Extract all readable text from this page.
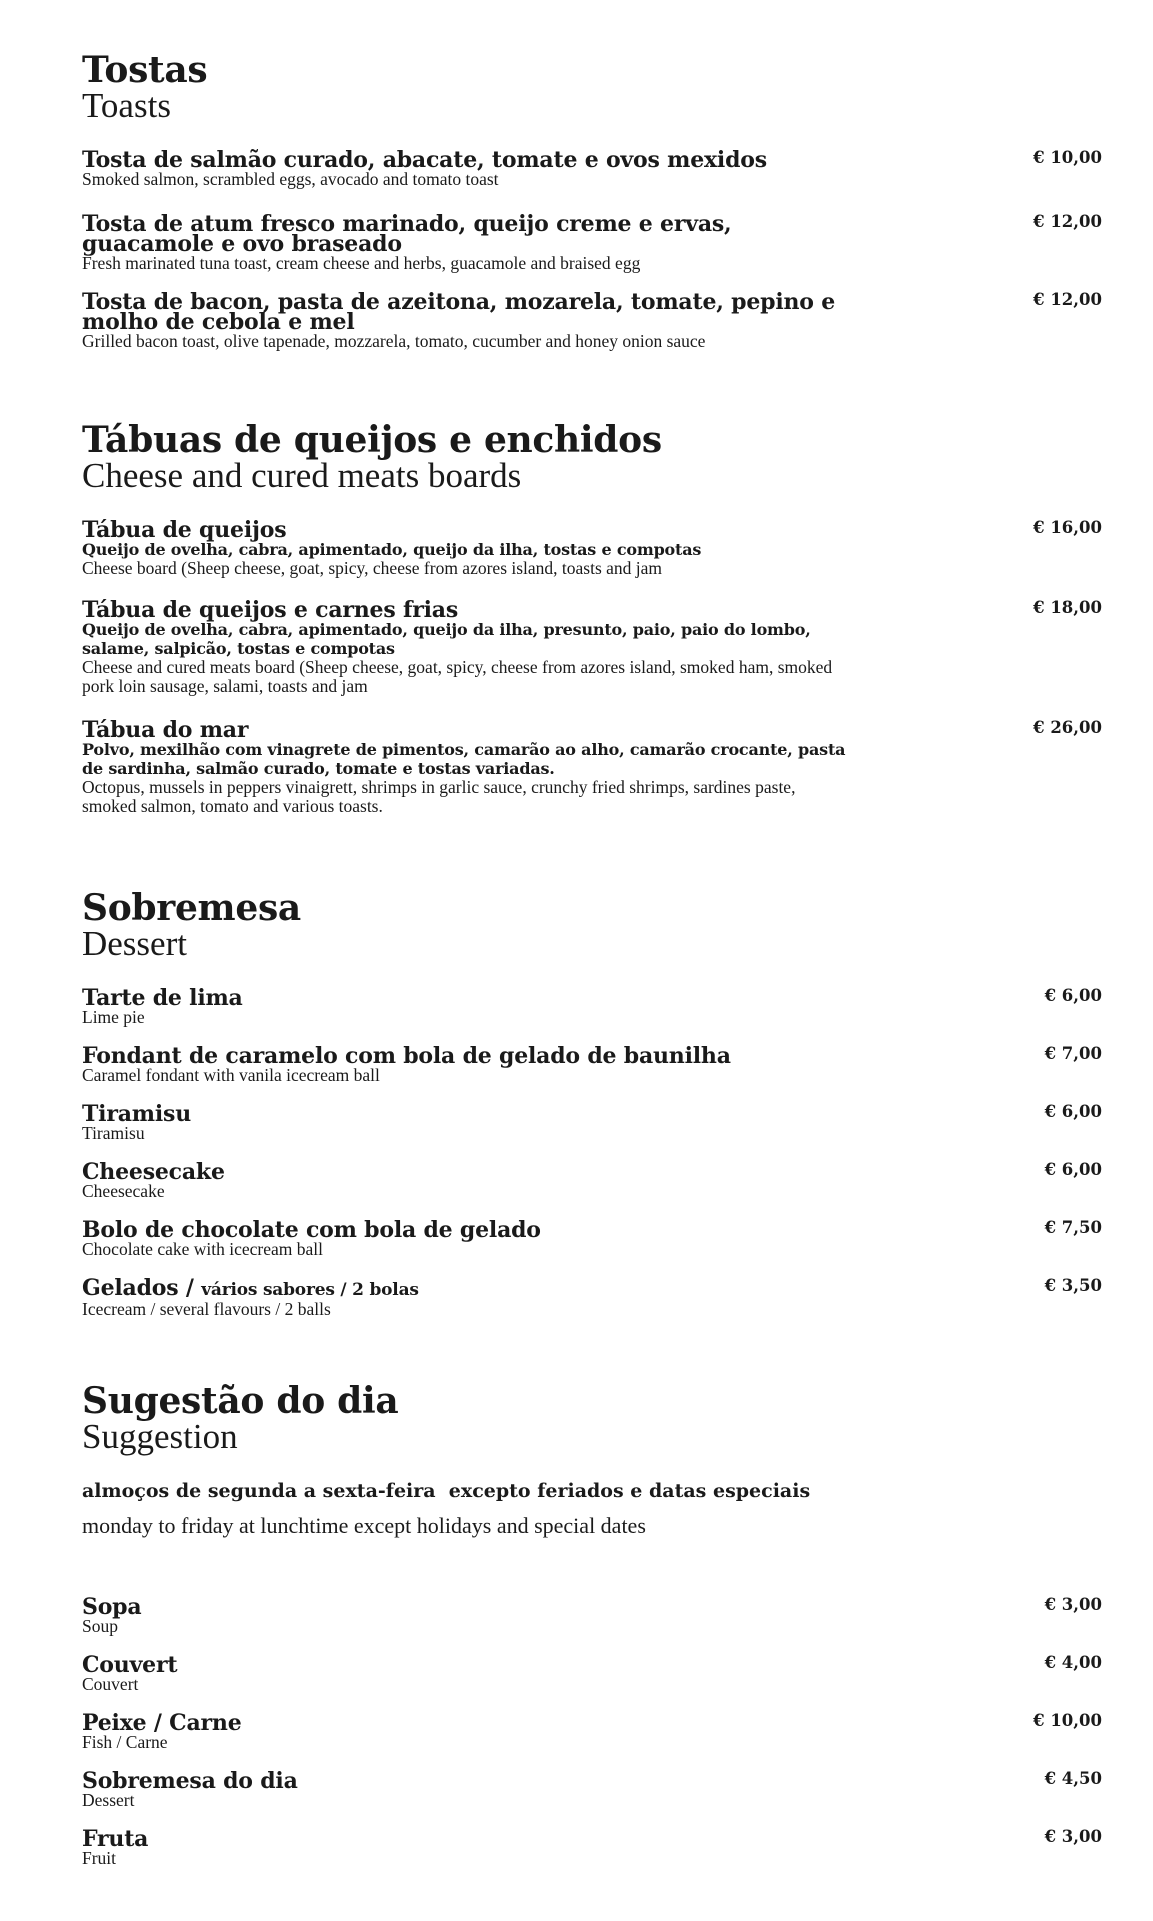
Tostas
Toasts
Tosta de salmão curado, abacate, tomate e ovos mexidos
Smoked salmon, scrambled eggs, avocado and tomato toast
€ 10,00
Tosta de atum fresco marinado, queijo creme e ervas, guacamole e ovo braseado
Fresh marinated tuna toast, cream cheese and herbs, guacamole and braised egg
€ 12,00
Tosta de bacon, pasta de azeitona, mozarela, tomate, pepino e molho de cebola e mel
Grilled bacon toast, olive tapenade, mozzarela, tomato, cucumber and honey onion sauce
€ 12,00
Tábuas de queijos e enchidos
Cheese and cured meats boards
Tábua de queijos
Queijo de ovelha, cabra, apimentado, queijo da ilha, tostas e compotas
Cheese board (Sheep cheese, goat, spicy, cheese from azores island, toasts and jam
€ 16,00
Tábua de queijos e carnes frias
Queijo de ovelha, cabra, apimentado, queijo da ilha, presunto, paio, paio do lombo, salame, salpicão, tostas e compotas
Cheese and cured meats board (Sheep cheese, goat, spicy, cheese from azores island, smoked ham, smoked pork loin sausage, salami, toasts and jam
€ 18,00
Tábua do mar
Polvo, mexilhão com vinagrete de pimentos, camarão ao alho, camarão crocante, pasta de sardinha, salmão curado, tomate e tostas variadas.
Octopus, mussels in peppers vinaigrett, shrimps in garlic sauce, crunchy fried shrimps, sardines paste, smoked salmon, tomato and various toasts.
€ 26,00
Sobremesa
Dessert
Tarte de lima
Lime pie
€ 6,00
Fondant de caramelo com bola de gelado de baunilha
Caramel fondant with vanila icecream ball
€ 7,00
Tiramisu
Tiramisu
€ 6,00
Cheesecake
Cheesecake
€ 6,00
Bolo de chocolate com bola de gelado
Chocolate cake with icecream ball
€ 7,50
Gelados / vários sabores / 2 bolas
Icecream / several flavours / 2 balls
€ 3,50
Sugestão do dia
Suggestion
almoços de segunda a sexta-feira  excepto feriados e datas especiais
monday to friday at lunchtime except holidays and special dates
Sopa
Soup
€ 3,00
Couvert
Couvert
€ 4,00
Peixe / Carne
Fish / Carne
€ 10,00
Sobremesa do dia
Dessert
€ 4,50
Fruta
Fruit
€ 3,00
